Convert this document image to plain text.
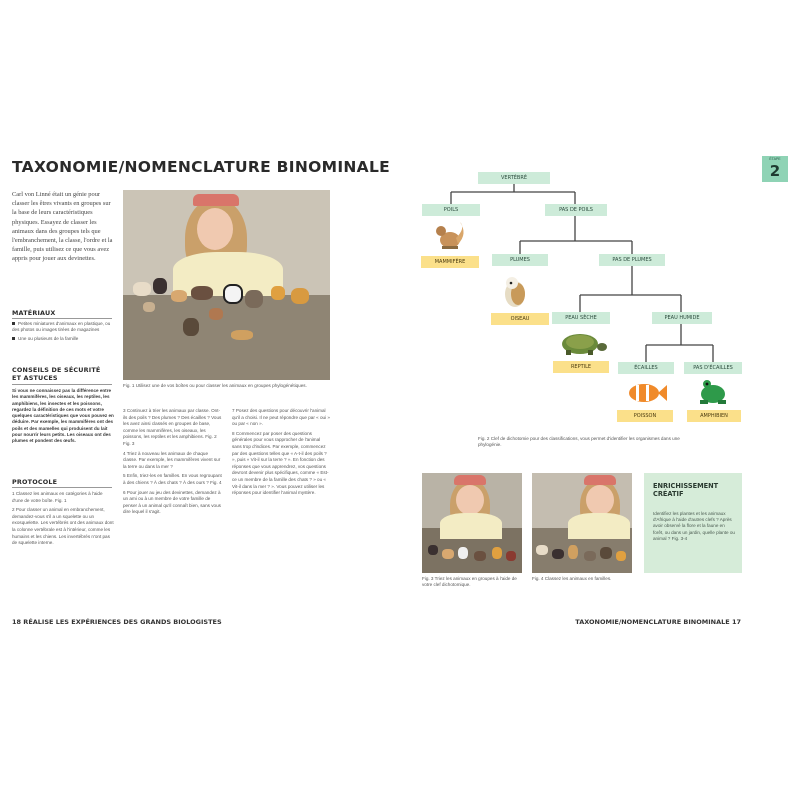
TAXONOMIE/NOMENCLATURE BINOMINALE
Carl von Linné était un génie pour classer les êtres vivants en groupes sur la base de leurs caractéristiques physiques. Essayez de classer les animaux dans des groupes tels que l'embranchement, la classe, l'ordre et la famille, puis utilisez ce que vous avez appris pour jouer aux devinettes.
Fig. 1 Utilisez une de vos boîtes ou pour classer les animaux en groupes phylogénétiques.
MATÉRIAUX
Petites miniatures d'animaux en plastique, ou des photos ou images tirées de magazines
Une ou plusieurs de la famille
CONSEILS DE SÉCURITÉ ET ASTUCES
Si vous ne connaissez pas la différence entre les mammifères, les oiseaux, les reptiles, les amphibiens, les insectes et les poissons, regardez la définition de ces mots et votre quelques caractéristiques que vous pouvez en déduire. Par exemple, les mammifères ont des poils et des mamelles qui produisent du lait pour nourrir leurs petits. Les oiseaux ont des plumes et pondent des œufs.
PROTOCOLE

1 Classez les animaux en catégories à l'aide d'une de votre boîte. Fig. 1

2 Pour classer un animal en embranchement, demandez-vous s'il a un squelette ou un exosquelette. Les vertébrés ont des animaux dont la colonne vertébrale est à l'intérieur, comme les humains et les chiens. Les invertébrés n'ont pas de squelette interne.

3 Continuez à trier les animaux par classe. Ont-ils des poils ? Des plumes ? Des écailles ? Vous les avez ainsi classés en groupes de base, comme les mammifères, les oiseaux, les poissons, les reptiles et les amphibiens. Fig. 2 Fig. 3

4 Triez à nouveau les animaux de chaque classe. Par exemple, les mammifères vivent sur la terre ou dans la mer ?

5 Enfin, triez-les en familles. En vous regroupant à des chiens ? À des chats ? À des ours ? Fig. 4

6 Pour jouer au jeu des devinettes, demandez à un ami ou à un membre de votre famille de penser à un animal qu'il connaît bien, sans vous dire lequel il s'agit.

7 Posez des questions pour découvrir l'animal qu'il a choisi. Il ne peut répondre que par « oui » ou par « non ».

8 Commencez par poser des questions générales pour vous rapprocher de l'animal sans trop d'indices. Par exemple, commencez par des questions telles que « A-t-il des poils ? », puis « Vit-il sur la terre ? ». En fonction des réponses que vous apprendrez, vos questions devront devenir plus spécifiques, comme « Est-ce un membre de la famille des chats ? » ou « Vit-il dans la mer ? ». Vous pouvez utiliser les réponses pour identifier l'animal mystère.

18 RÉALISE LES EXPÉRIENCES DES GRANDS BIOLOGISTES
ÉTAPE
2
VERTÉBRÉ
POILS	PAS DE POILS
PLUMES	PAS DE PLUMES
PEAU SÈCHE	PEAU HUMIDE
ÉCAILLES	PAS D'ÉCAILLES
MAMMIFÈRE
OISEAU
REPTILE
POISSON	AMPHIBIEN
Fig. 2 Clef de dichotomie pour des classifications, vous permet d'identifier les organismes dans une phylogénie.
Fig. 3 Triez les animaux en groupes à l'aide de votre clef dichotomique.
Fig. 4 Classez les animaux en familles.
ENRICHISSEMENT CRÉATIF
Identifiez les plantes et les animaux d'Afrique à l'aide d'autres clefs ? Après avoir observé la flore et la faune en forêt, ou dans un jardin, quelle plante ou animal ? Fig. 3-4
TAXONOMIE/NOMENCLATURE BINOMINALE 17
